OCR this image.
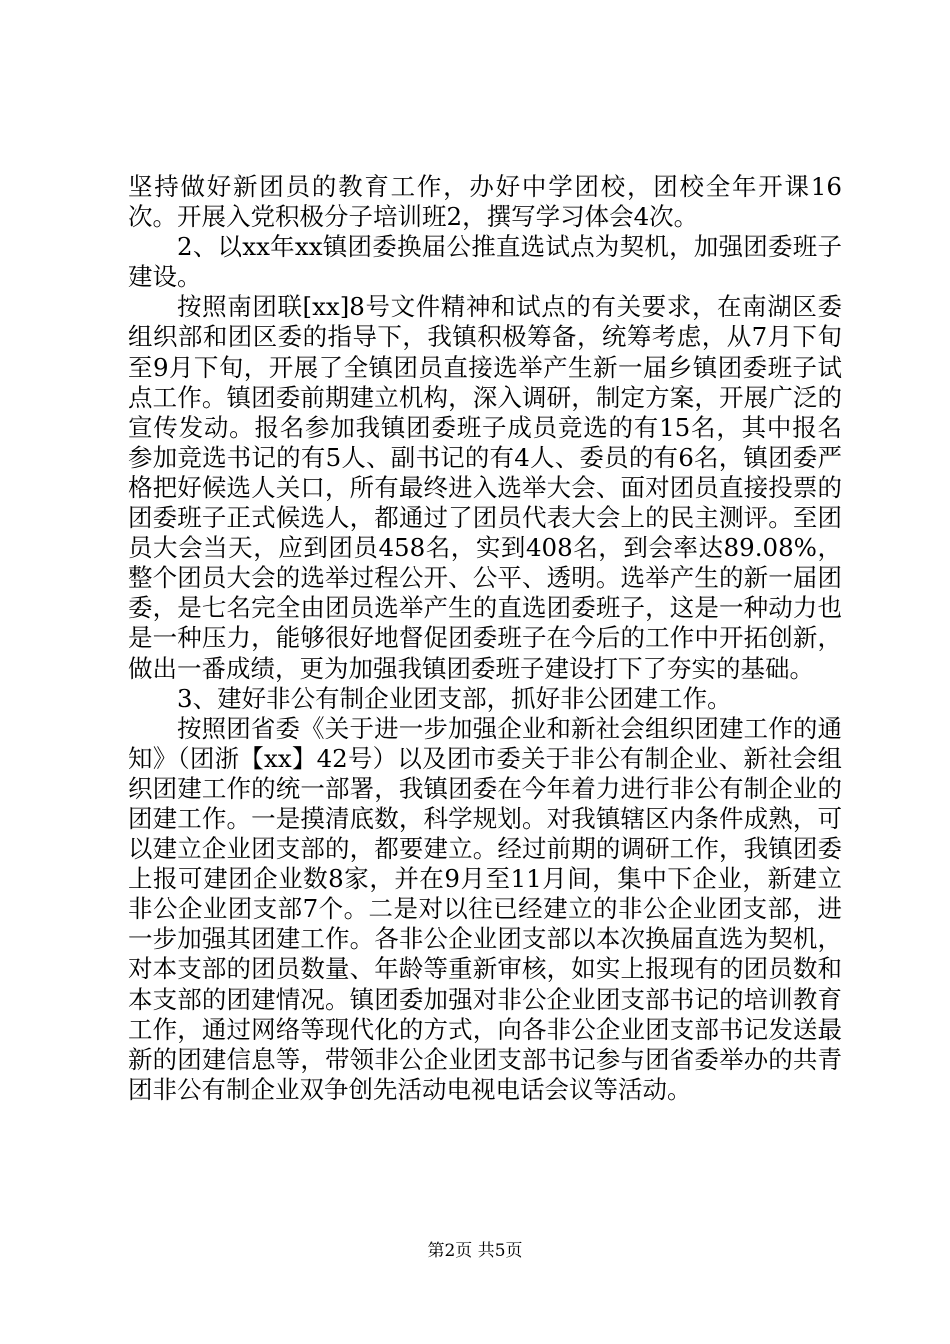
坚持做好新团员的教育工作，办好中学团校，团校全年开课16次。开展入党积极分子培训班2，撰写学习体会4次。

2、以xx年xx镇团委换届公推直选试点为契机，加强团委班子建设。

按照南团联[xx]8号文件精神和试点的有关要求，在南湖区委组织部和团区委的指导下，我镇积极筹备，统筹考虑，从7月下旬至9月下旬，开展了全镇团员直接选举产生新一届乡镇团委班子试点工作。镇团委前期建立机构，深入调研，制定方案，开展广泛的宣传发动。报名参加我镇团委班子成员竞选的有15名，其中报名参加竞选书记的有5人、副书记的有4人、委员的有6名，镇团委严格把好候选人关口，所有最终进入选举大会、面对团员直接投票的团委班子正式候选人，都通过了团员代表大会上的民主测评。至团员大会当天，应到团员458名，实到408名，到会率达89.08%，整个团员大会的选举过程公开、公平、透明。选举产生的新一届团委，是七名完全由团员选举产生的直选团委班子，这是一种动力也是一种压力，能够很好地督促团委班子在今后的工作中开拓创新，做出一番成绩，更为加强我镇团委班子建设打下了夯实的基础。

3、建好非公有制企业团支部，抓好非公团建工作。

按照团省委《关于进一步加强企业和新社会组织团建工作的通知》（团浙【xx】42号）以及团市委关于非公有制企业、新社会组织团建工作的统一部署，我镇团委在今年着力进行非公有制企业的团建工作。一是摸清底数，科学规划。对我镇辖区内条件成熟，可以建立企业团支部的，都要建立。经过前期的调研工作，我镇团委上报可建团企业数8家，并在9月至11月间，集中下企业，新建立非公企业团支部7个。二是对以往已经建立的非公企业团支部，进一步加强其团建工作。各非公企业团支部以本次换届直选为契机，对本支部的团员数量、年龄等重新审核，如实上报现有的团员数和本支部的团建情况。镇团委加强对非公企业团支部书记的培训教育工作，通过网络等现代化的方式，向各非公企业团支部书记发送最新的团建信息等，带领非公企业团支部书记参与团省委举办的共青团非公有制企业双争创先活动电视电话会议等活动。

第2页 共5页
